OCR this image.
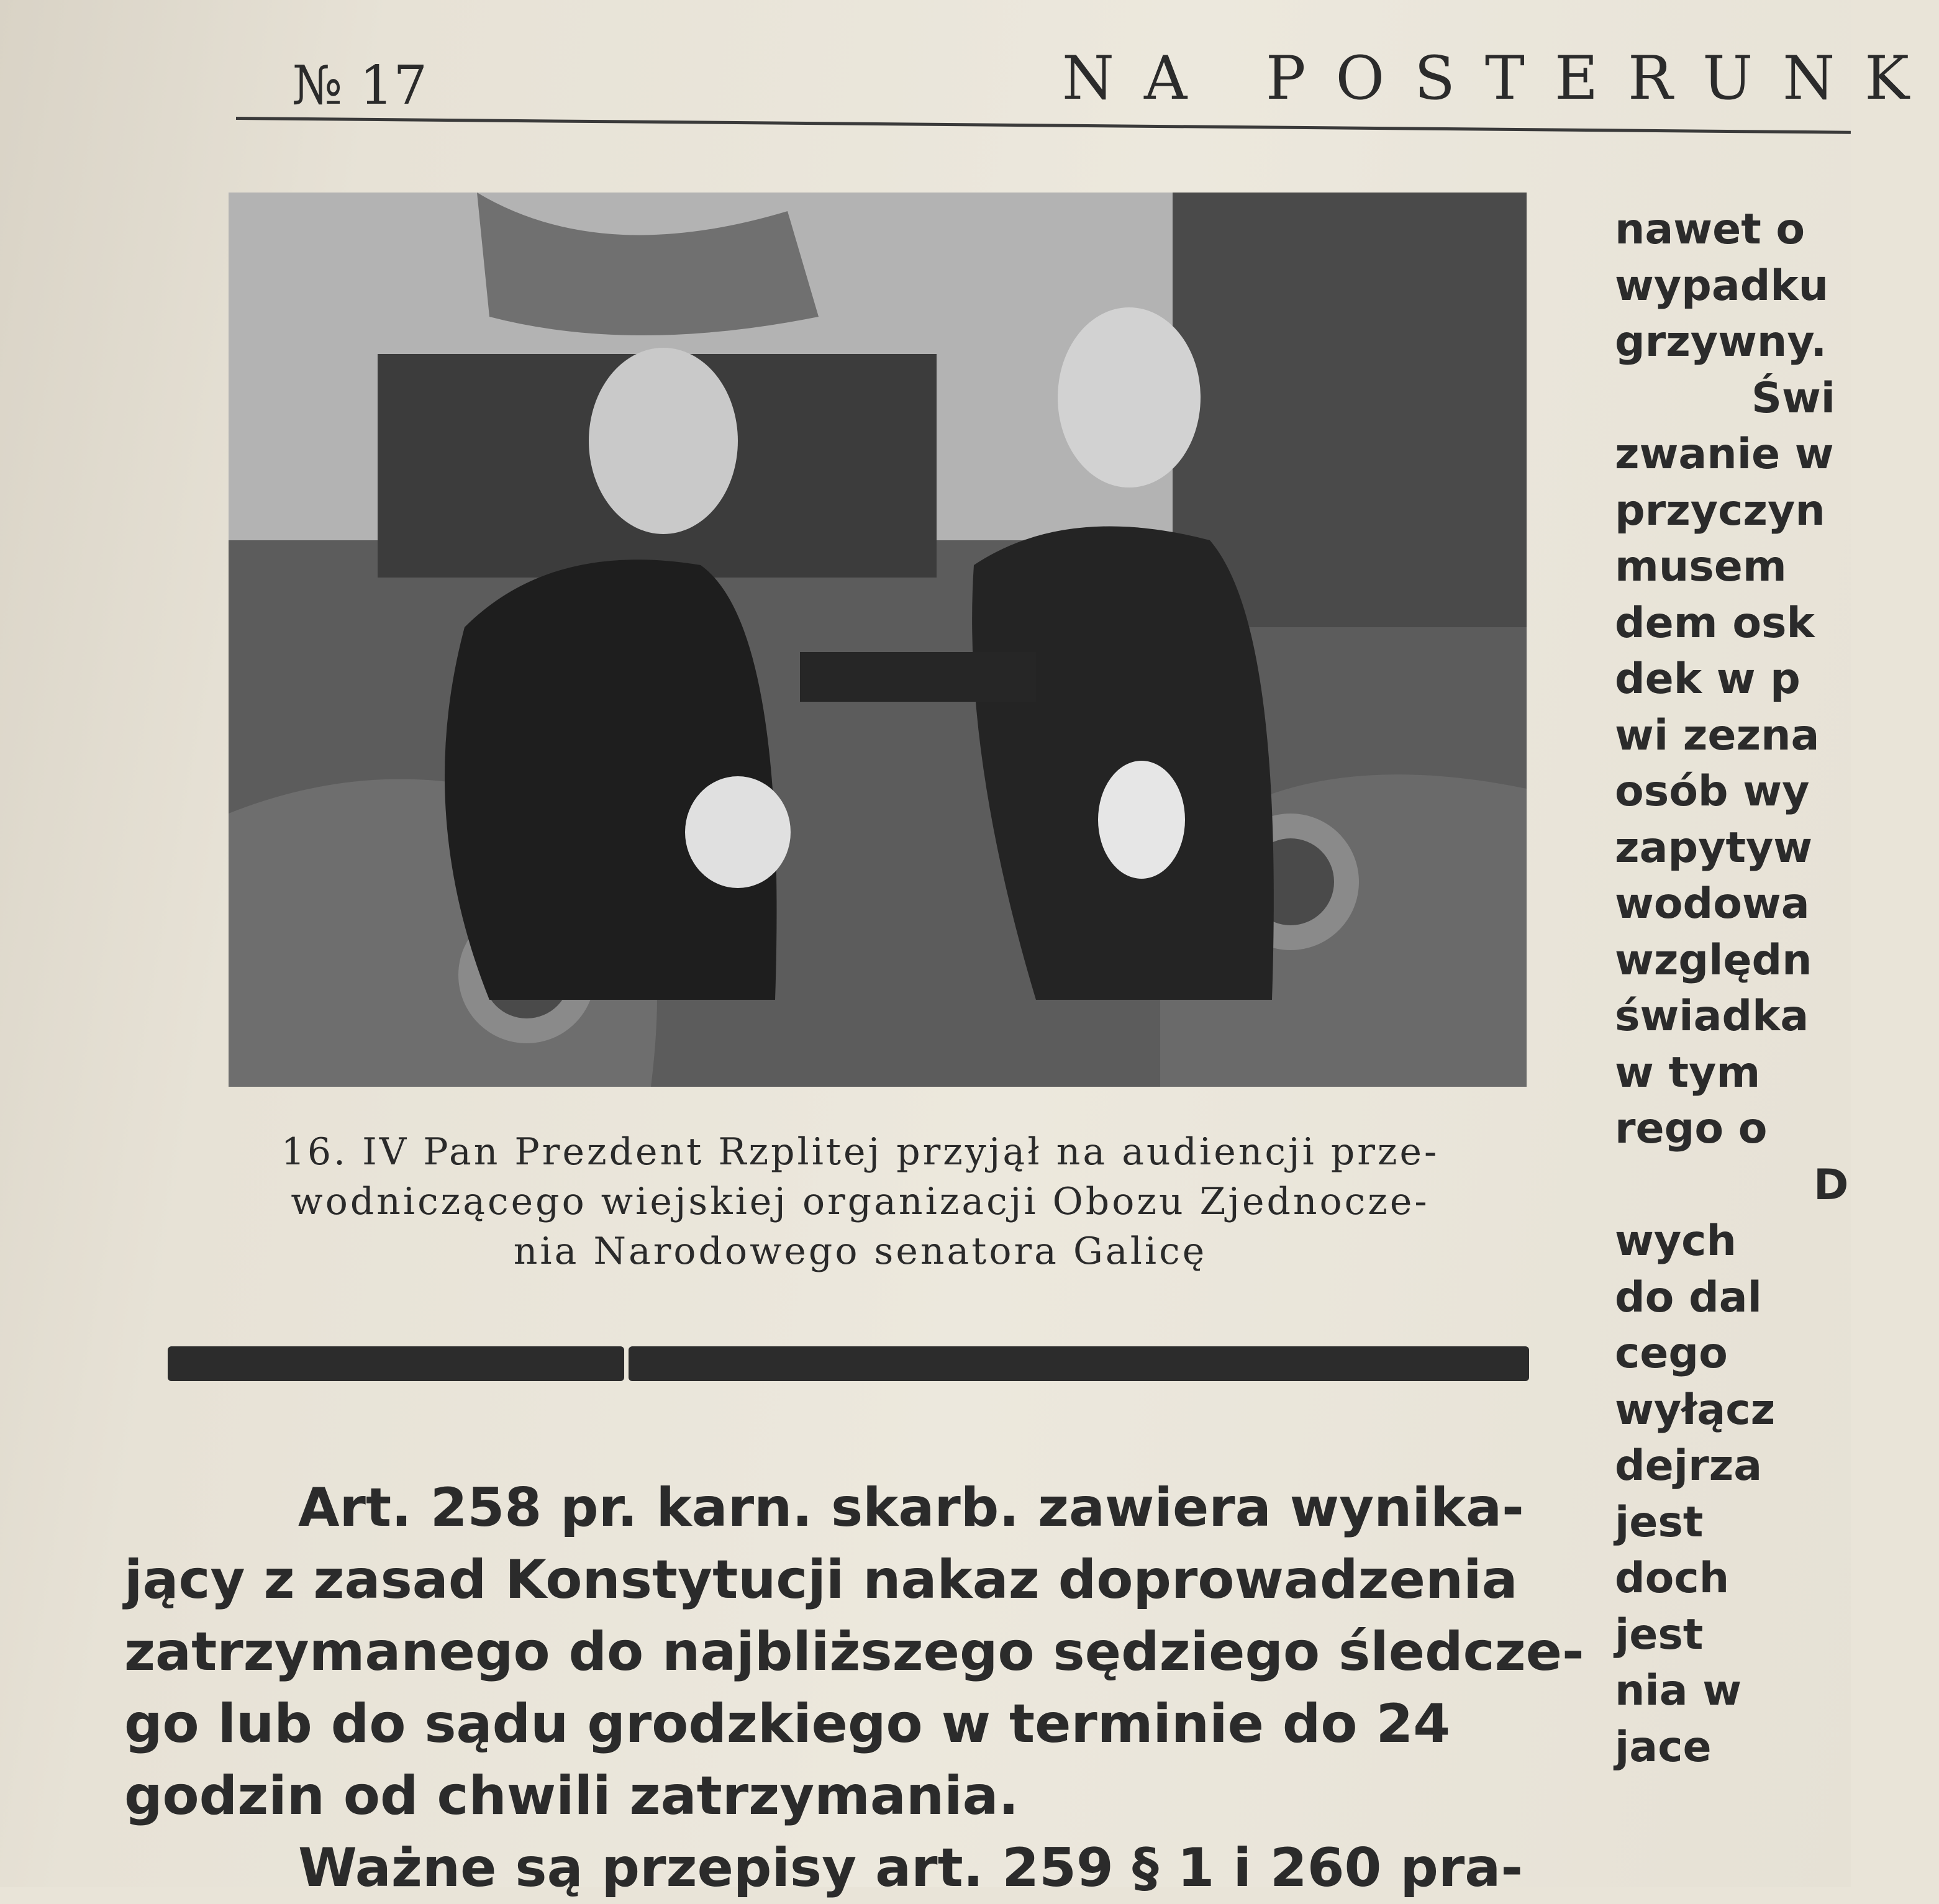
№ 17	NA POSTERUNK
16. IV Pan Prezdent Rzplitej przyjął na audiencji prze-
wodniczącego wiejskiej organizacji Obozu Zjednocze-
nia Narodowego senatora Galicę
Art. 258 pr. karn. skarb. zawiera wynika-
jący z zasad Konstytucji nakaz doprowadzenia
zatrzymanego do najbliższego sędziego śledcze-
go lub do sądu grodzkiego w terminie do 24
godzin od chwili zatrzymania.
Ważne są przepisy art. 259 § 1 i 260 pra-
nawet o
wypadku
grzywny.
Świ
zwanie w
przyczyn
musem
dem osk
dek w p
wi zezna
osób wy
zapytyw
wodowa
względn
świadka
w tym
rego o
D
wych
do dal
cego
wyłącz
dejrza
jest
doch
jest
nia w
jace
